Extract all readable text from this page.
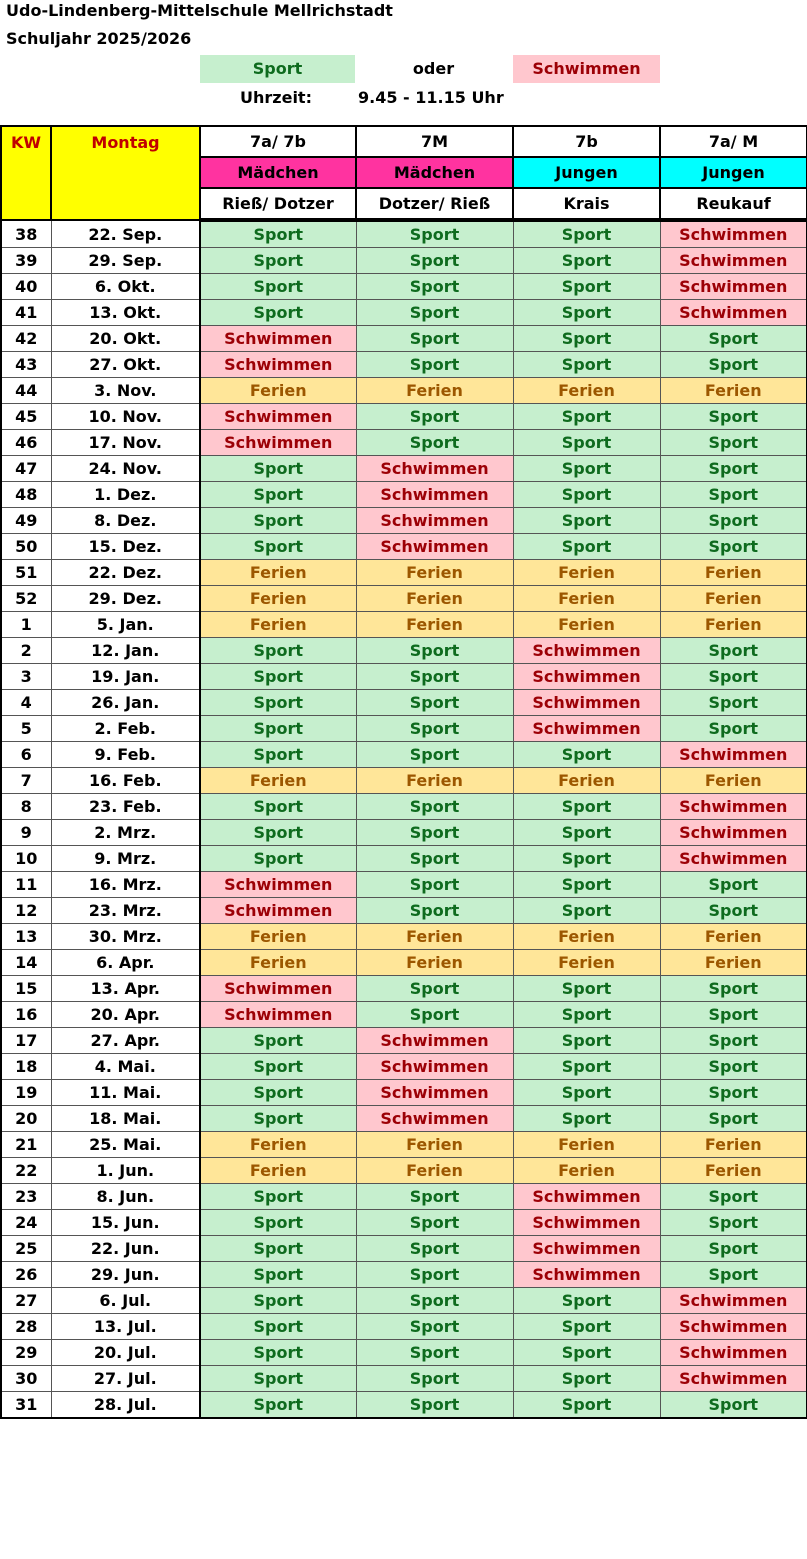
Udo-Lindenberg-Mittelschule Mellrichstadt
Schuljahr 2025/2026
Sport	oder	Schwimmen
Uhrzeit:	9.45 - 11.15 Uhr
KW	Montag	7a/ 7b	7M	7b	7a/ M
		Mädchen	Mädchen	Jungen	Jungen
		Rieß/ Dotzer	Dotzer/ Rieß	Krais	Reukauf
38	22. Sep.	Sport	Sport	Sport	Schwimmen
39	29. Sep.	Sport	Sport	Sport	Schwimmen
40	6. Okt.	Sport	Sport	Sport	Schwimmen
41	13. Okt.	Sport	Sport	Sport	Schwimmen
42	20. Okt.	Schwimmen	Sport	Sport	Sport
43	27. Okt.	Schwimmen	Sport	Sport	Sport
44	3. Nov.	Ferien	Ferien	Ferien	Ferien
45	10. Nov.	Schwimmen	Sport	Sport	Sport
46	17. Nov.	Schwimmen	Sport	Sport	Sport
47	24. Nov.	Sport	Schwimmen	Sport	Sport
48	1. Dez.	Sport	Schwimmen	Sport	Sport
49	8. Dez.	Sport	Schwimmen	Sport	Sport
50	15. Dez.	Sport	Schwimmen	Sport	Sport
51	22. Dez.	Ferien	Ferien	Ferien	Ferien
52	29. Dez.	Ferien	Ferien	Ferien	Ferien
1	5. Jan.	Ferien	Ferien	Ferien	Ferien
2	12. Jan.	Sport	Sport	Schwimmen	Sport
3	19. Jan.	Sport	Sport	Schwimmen	Sport
4	26. Jan.	Sport	Sport	Schwimmen	Sport
5	2. Feb.	Sport	Sport	Schwimmen	Sport
6	9. Feb.	Sport	Sport	Sport	Schwimmen
7	16. Feb.	Ferien	Ferien	Ferien	Ferien
8	23. Feb.	Sport	Sport	Sport	Schwimmen
9	2. Mrz.	Sport	Sport	Sport	Schwimmen
10	9. Mrz.	Sport	Sport	Sport	Schwimmen
11	16. Mrz.	Schwimmen	Sport	Sport	Sport
12	23. Mrz.	Schwimmen	Sport	Sport	Sport
13	30. Mrz.	Ferien	Ferien	Ferien	Ferien
14	6. Apr.	Ferien	Ferien	Ferien	Ferien
15	13. Apr.	Schwimmen	Sport	Sport	Sport
16	20. Apr.	Schwimmen	Sport	Sport	Sport
17	27. Apr.	Sport	Schwimmen	Sport	Sport
18	4. Mai.	Sport	Schwimmen	Sport	Sport
19	11. Mai.	Sport	Schwimmen	Sport	Sport
20	18. Mai.	Sport	Schwimmen	Sport	Sport
21	25. Mai.	Ferien	Ferien	Ferien	Ferien
22	1. Jun.	Ferien	Ferien	Ferien	Ferien
23	8. Jun.	Sport	Sport	Schwimmen	Sport
24	15. Jun.	Sport	Sport	Schwimmen	Sport
25	22. Jun.	Sport	Sport	Schwimmen	Sport
26	29. Jun.	Sport	Sport	Schwimmen	Sport
27	6. Jul.	Sport	Sport	Sport	Schwimmen
28	13. Jul.	Sport	Sport	Sport	Schwimmen
29	20. Jul.	Sport	Sport	Sport	Schwimmen
30	27. Jul.	Sport	Sport	Sport	Schwimmen
31	28. Jul.	Sport	Sport	Sport	Sport
